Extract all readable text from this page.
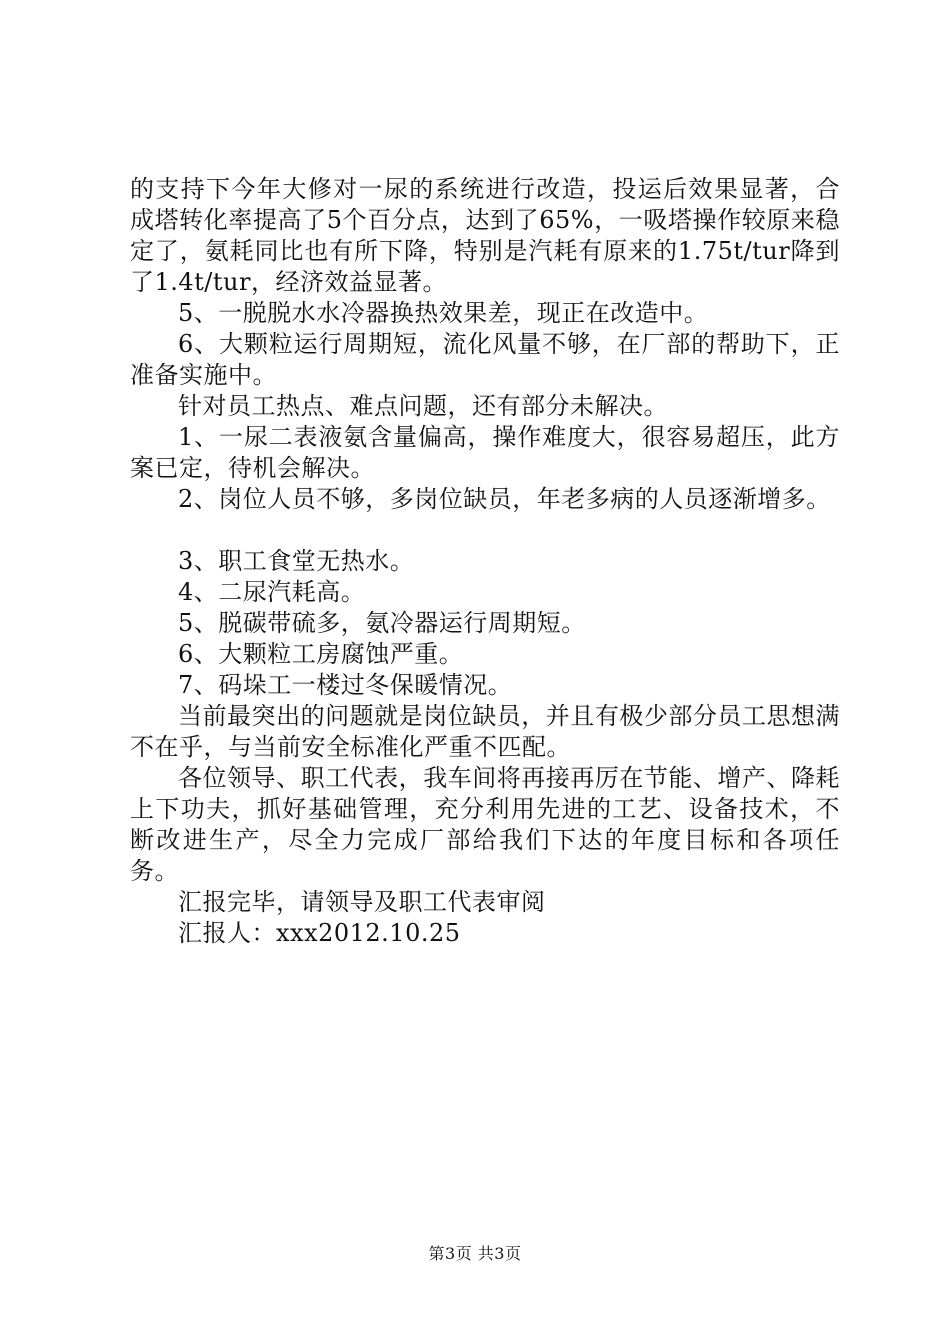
的支持下今年大修对一尿的系统进行改造，投运后效果显著，合成塔转化率提高了5个百分点，达到了65%，一吸塔操作较原来稳定了，氨耗同比也有所下降，特别是汽耗有原来的1.75t/tur降到了1.4t/tur，经济效益显著。

5、一脱脱水水冷器换热效果差，现正在改造中。

6、大颗粒运行周期短，流化风量不够，在厂部的帮助下，正准备实施中。

针对员工热点、难点问题，还有部分未解决。

1、一尿二表液氨含量偏高，操作难度大，很容易超压，此方案已定，待机会解决。

2、岗位人员不够，多岗位缺员，年老多病的人员逐渐增多。

3、职工食堂无热水。

4、二尿汽耗高。

5、脱碳带硫多，氨冷器运行周期短。

6、大颗粒工房腐蚀严重。

7、码垛工一楼过冬保暖情况。

当前最突出的问题就是岗位缺员，并且有极少部分员工思想满不在乎，与当前安全标准化严重不匹配。

各位领导、职工代表，我车间将再接再厉在节能、增产、降耗上下功夫，抓好基础管理，充分利用先进的工艺、设备技术，不断改进生产，尽全力完成厂部给我们下达的年度目标和各项任务。

汇报完毕，请领导及职工代表审阅

汇报人：xxx2012.10.25

第3页 共3页
